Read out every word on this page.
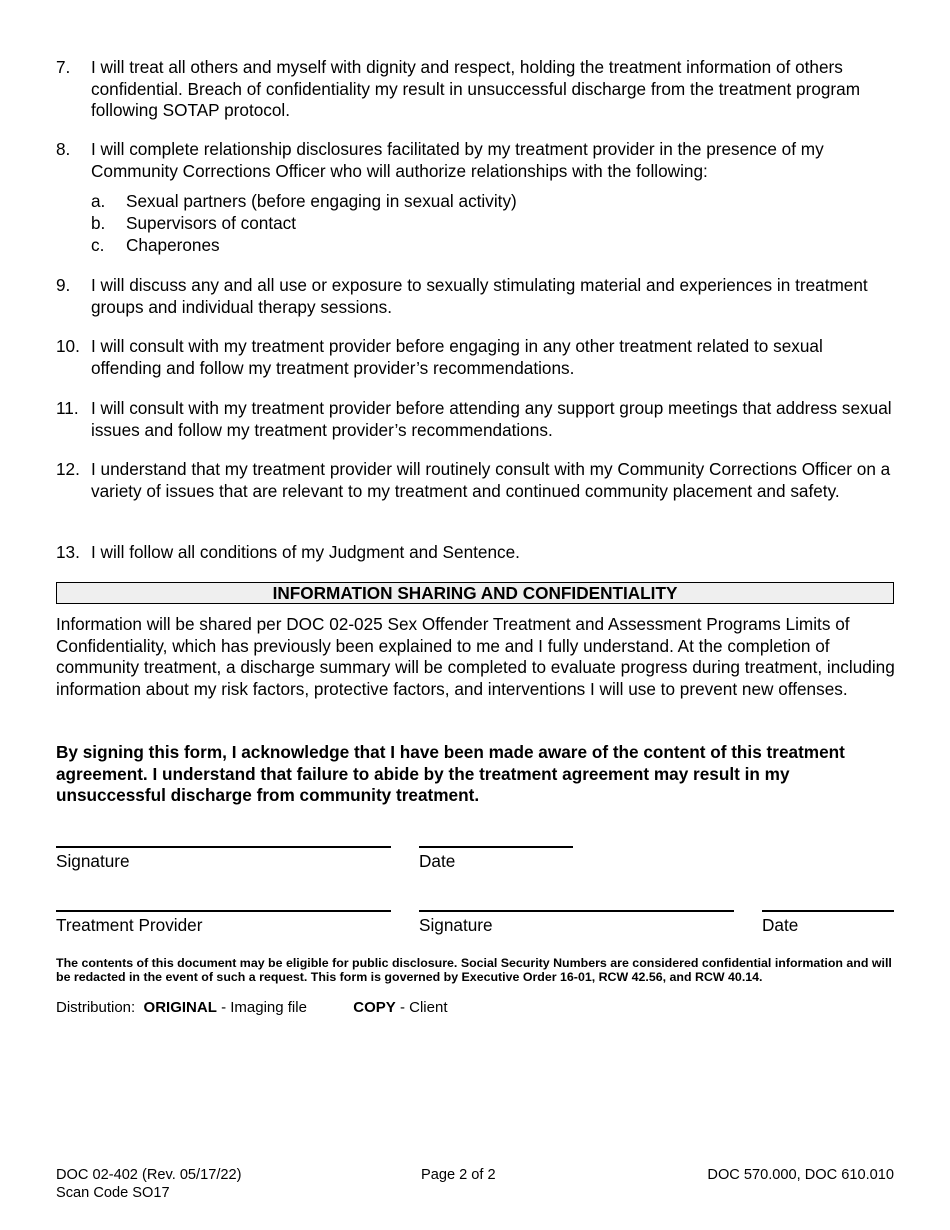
7.	I will treat all others and myself with dignity and respect, holding the treatment information of others confidential. Breach of confidentiality my result in unsuccessful discharge from the treatment program following SOTAP protocol.
8.	I will complete relationship disclosures facilitated by my treatment provider in the presence of my Community Corrections Officer who will authorize relationships with the following:
a. Sexual partners (before engaging in sexual activity)
b. Supervisors of contact
c. Chaperones
9.	I will discuss any and all use or exposure to sexually stimulating material and experiences in treatment groups and individual therapy sessions.
10. I will consult with my treatment provider before engaging in any other treatment related to sexual offending and follow my treatment provider’s recommendations.
11. I will consult with my treatment provider before attending any support group meetings that address sexual issues and follow my treatment provider’s recommendations.
12. I understand that my treatment provider will routinely consult with my Community Corrections Officer on a variety of issues that are relevant to my treatment and continued community placement and safety.
13. I will follow all conditions of my Judgment and Sentence.
INFORMATION SHARING AND CONFIDENTIALITY
Information will be shared per DOC 02-025 Sex Offender Treatment and Assessment Programs Limits of Confidentiality, which has previously been explained to me and I fully understand. At the completion of community treatment, a discharge summary will be completed to evaluate progress during treatment, including information about my risk factors, protective factors, and interventions I will use to prevent new offenses.
By signing this form, I acknowledge that I have been made aware of the content of this treatment agreement. I understand that failure to abide by the treatment agreement may result in my unsuccessful discharge from community treatment.
Signature	Date
Treatment Provider	Signature	Date
The contents of this document may be eligible for public disclosure. Social Security Numbers are considered confidential information and will be redacted in the event of such a request. This form is governed by Executive Order 16-01, RCW 42.56, and RCW 40.14.
Distribution: ORIGINAL - Imaging file	COPY - Client
DOC 02-402 (Rev. 05/17/22)
Scan Code SO17
Page 2 of 2	DOC 570.000, DOC 610.010
